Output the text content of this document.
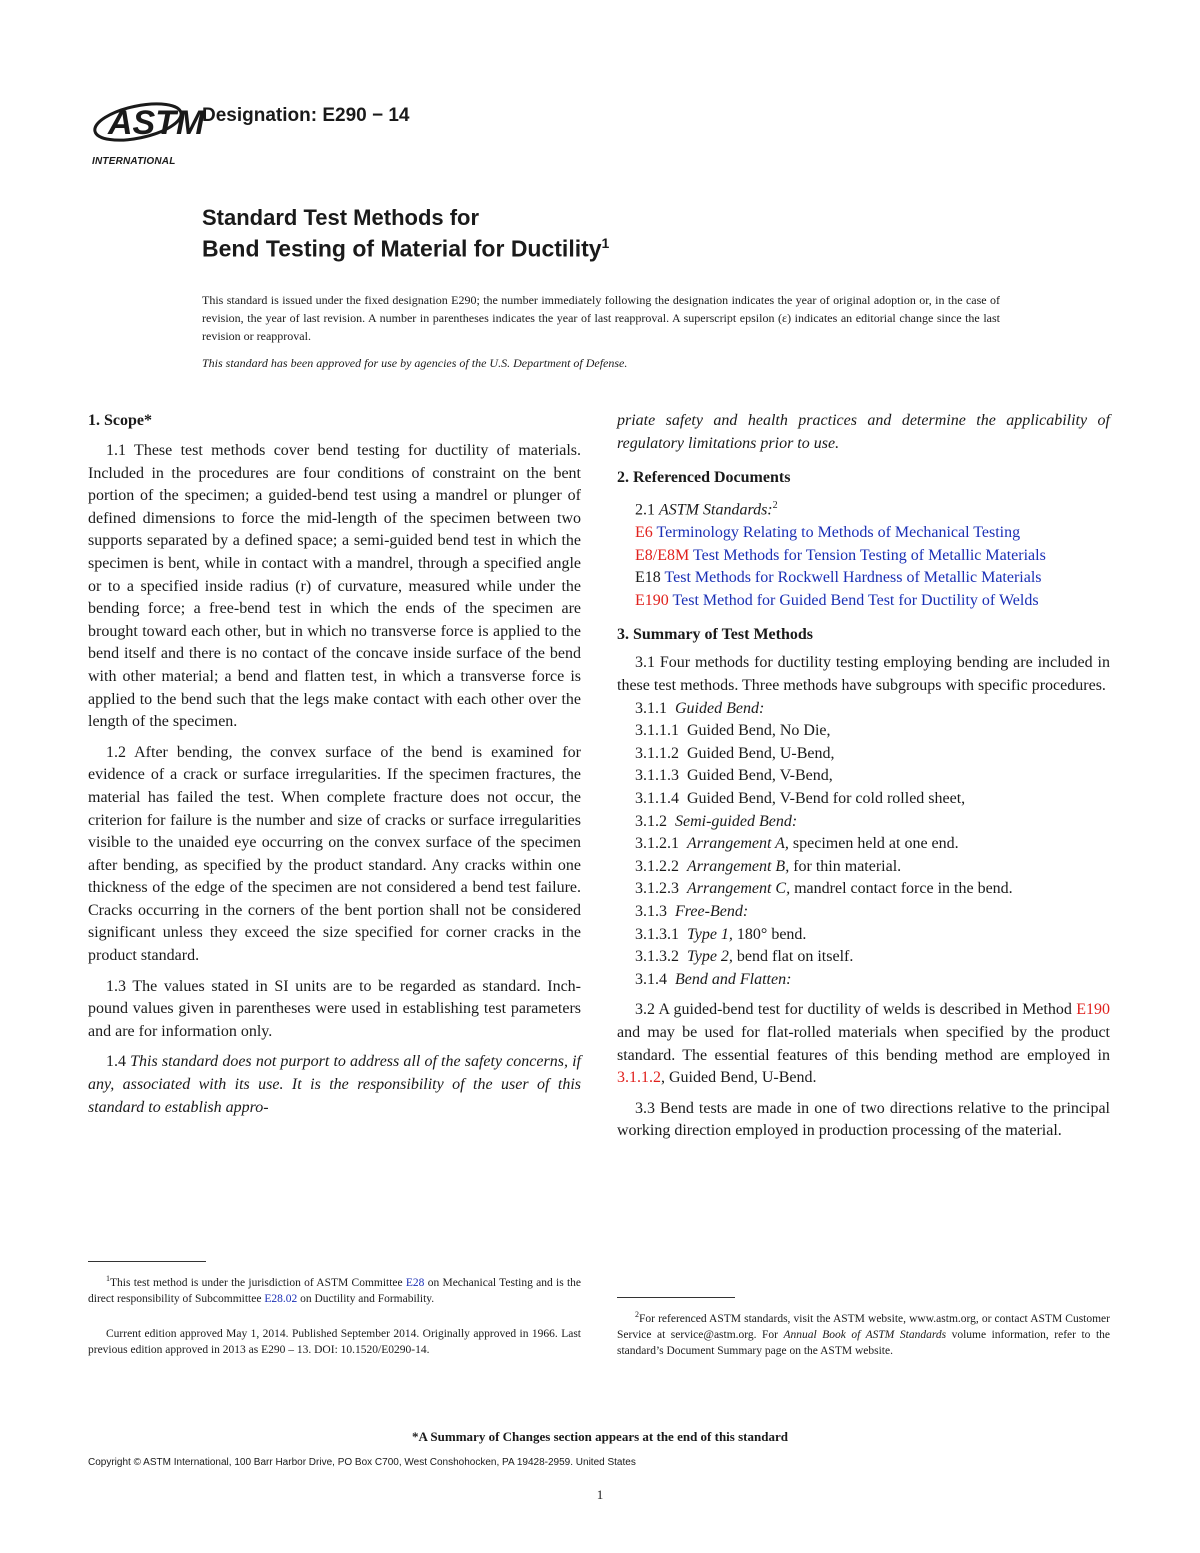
ASTM
INTERNATIONAL
Designation: E290 − 14
Standard Test Methods for
Bend Testing of Material for Ductility$^1$
This standard is issued under the fixed designation E290; the number immediately following the designation indicates the year of original adoption or, in the case of revision, the year of last revision. A number in parentheses indicates the year of last reapproval. A superscript epsilon (ε) indicates an editorial change since the last revision or reapproval.
This standard has been approved for use by agencies of the U.S. Department of Defense.
1. Scope*

1.1 These test methods cover bend testing for ductility of materials. Included in the procedures are four conditions of constraint on the bent portion of the specimen; a guided-bend test using a mandrel or plunger of defined dimensions to force the mid-length of the specimen between two supports separated by a defined space; a semi-guided bend test in which the specimen is bent, while in contact with a mandrel, through a specified angle or to a specified inside radius (r) of curvature, measured while under the bending force; a free-bend test in which the ends of the specimen are brought toward each other, but in which no transverse force is applied to the bend itself and there is no contact of the concave inside surface of the bend with other material; a bend and flatten test, in which a transverse force is applied to the bend such that the legs make contact with each other over the length of the specimen.

1.2 After bending, the convex surface of the bend is examined for evidence of a crack or surface irregularities. If the specimen fractures, the material has failed the test. When complete fracture does not occur, the criterion for failure is the number and size of cracks or surface irregularities visible to the unaided eye occurring on the convex surface of the specimen after bending, as specified by the product standard. Any cracks within one thickness of the edge of the specimen are not considered a bend test failure. Cracks occurring in the corners of the bent portion shall not be considered significant unless they exceed the size specified for corner cracks in the product standard.

1.3 The values stated in SI units are to be regarded as standard. Inch-pound values given in parentheses were used in establishing test parameters and are for information only.

1.4 This standard does not purport to address all of the safety concerns, if any, associated with its use. It is the responsibility of the user of this standard to establish appro-

$^1$This test method is under the jurisdiction of ASTM Committee E28 on Mechanical Testing and is the direct responsibility of Subcommittee E28.02 on Ductility and Formability.
Current edition approved May 1, 2014. Published September 2014. Originally approved in 1966. Last previous edition approved in 2013 as E290 – 13. DOI: 10.1520/E0290-14.

priate safety and health practices and determine the applicability of regulatory limitations prior to use.

2. Referenced Documents

2.1 ASTM Standards:$^2$

E6 Terminology Relating to Methods of Mechanical Testing

E8/E8M Test Methods for Tension Testing of Metallic Materials

E18 Test Methods for Rockwell Hardness of Metallic Materials

E190 Test Method for Guided Bend Test for Ductility of Welds

3. Summary of Test Methods

3.1 Four methods for ductility testing employing bending are included in these test methods. Three methods have subgroups with specific procedures.

3.1.1 Guided Bend:

3.1.1.1 Guided Bend, No Die,

3.1.1.2 Guided Bend, U-Bend,

3.1.1.3 Guided Bend, V-Bend,

3.1.1.4 Guided Bend, V-Bend for cold rolled sheet,

3.1.2 Semi-guided Bend:

3.1.2.1 Arrangement A, specimen held at one end.

3.1.2.2 Arrangement B, for thin material.

3.1.2.3 Arrangement C, mandrel contact force in the bend.

3.1.3 Free-Bend:

3.1.3.1 Type 1, 180° bend.

3.1.3.2 Type 2, bend flat on itself.

3.1.4 Bend and Flatten:

3.2 A guided-bend test for ductility of welds is described in Method E190 and may be used for flat-rolled materials when specified by the product standard. The essential features of this bending method are employed in 3.1.1.2, Guided Bend, U-Bend.

3.3 Bend tests are made in one of two directions relative to the principal working direction employed in production processing of the material.

$^2$For referenced ASTM standards, visit the ASTM website, www.astm.org, or contact ASTM Customer Service at service@astm.org. For Annual Book of ASTM Standards volume information, refer to the standard’s Document Summary page on the ASTM website.
*A Summary of Changes section appears at the end of this standard
Copyright © ASTM International, 100 Barr Harbor Drive, PO Box C700, West Conshohocken, PA 19428-2959. United States
1
